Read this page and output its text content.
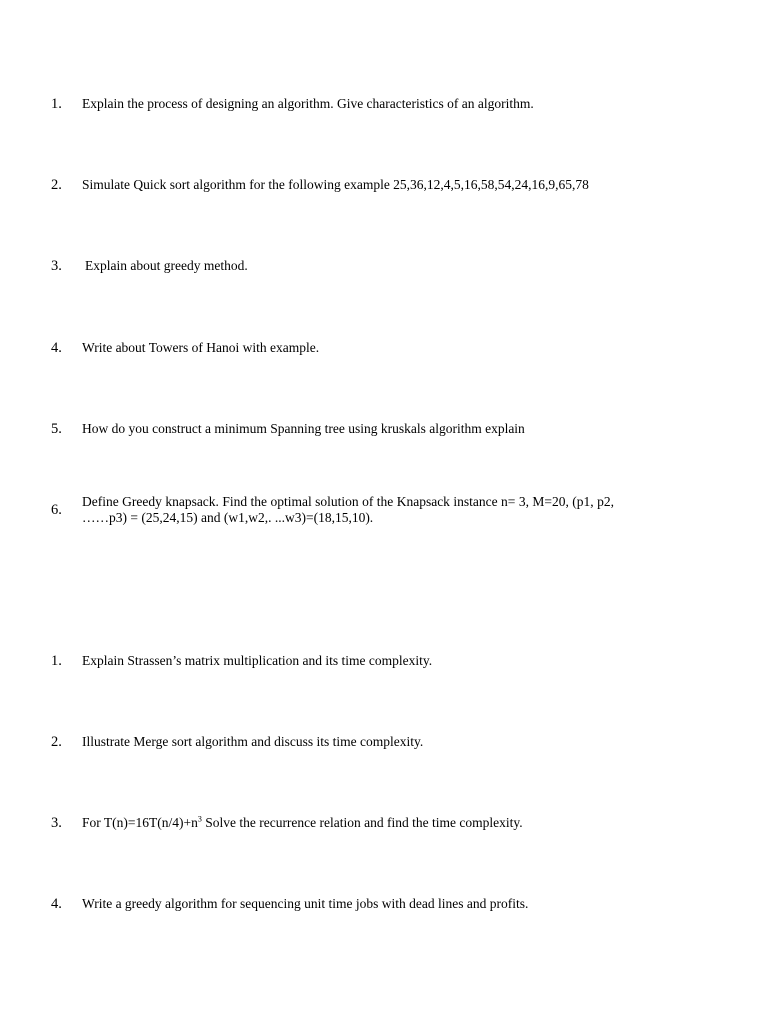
1. Explain the process of designing an algorithm. Give characteristics of an algorithm.
2. Simulate Quick sort algorithm for the following example 25,36,12,4,5,16,58,54,24,16,9,65,78
3. Explain about greedy method.
4. Write about Towers of Hanoi with example.
5. How do you construct a minimum Spanning tree using kruskals algorithm explain
6.
Define Greedy knapsack. Find the optimal solution of the Knapsack instance n= 3, M=20, (p1, p2, ……p3) = (25,24,15) and (w1,w2,. ...w3)=(18,15,10).
1. Explain Strassen’s matrix multiplication and its time complexity.
2. Illustrate Merge sort algorithm and discuss its time complexity.
3. For $T(n)=16T(n/4)+n^3$ Solve the recurrence relation and find the time complexity.
4. Write a greedy algorithm for sequencing unit time jobs with dead lines and profits.
